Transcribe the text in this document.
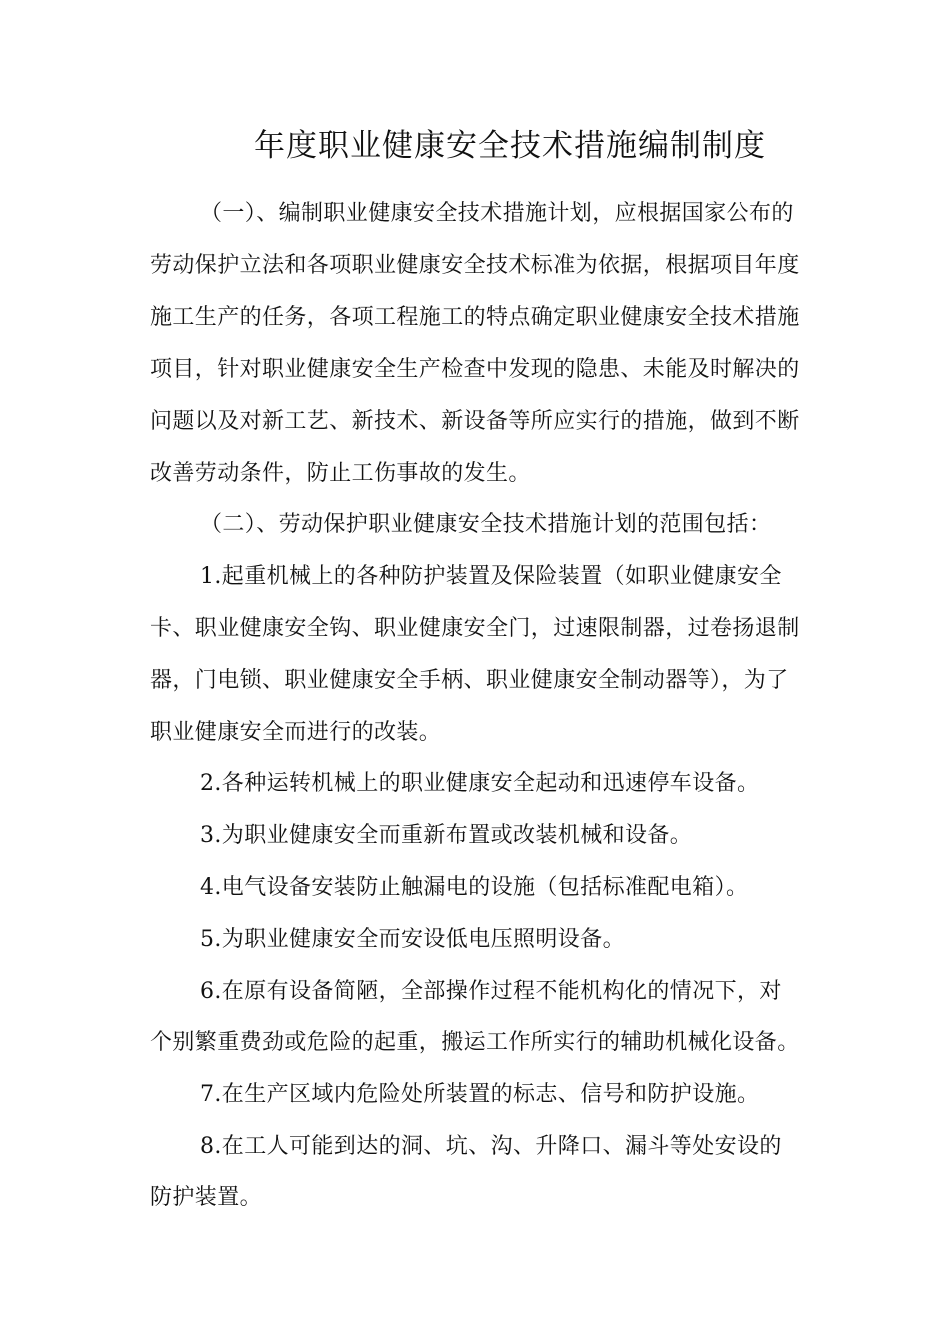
年度职业健康安全技术措施编制制度
（一）、编制职业健康安全技术措施计划，应根据国家公布的
劳动保护立法和各项职业健康安全技术标准为依据，根据项目年度
施工生产的任务，各项工程施工的特点确定职业健康安全技术措施
项目，针对职业健康安全生产检查中发现的隐患、未能及时解决的
问题以及对新工艺、新技术、新设备等所应实行的措施，做到不断
改善劳动条件，防止工伤事故的发生。
（二）、劳动保护职业健康安全技术措施计划的范围包括：
1.起重机械上的各种防护装置及保险装置（如职业健康安全
卡、职业健康安全钩、职业健康安全门，过速限制器，过卷扬退制
器，门电锁、职业健康安全手柄、职业健康安全制动器等），为了
职业健康安全而进行的改装。
2.各种运转机械上的职业健康安全起动和迅速停车设备。
3.为职业健康安全而重新布置或改装机械和设备。
4.电气设备安装防止触漏电的设施（包括标准配电箱）。
5.为职业健康安全而安设低电压照明设备。
6.在原有设备简陋，全部操作过程不能机构化的情况下，对
个别繁重费劲或危险的起重，搬运工作所实行的辅助机械化设备。
7.在生产区域内危险处所装置的标志、信号和防护设施。
8.在工人可能到达的洞、坑、沟、升降口、漏斗等处安设的
防护装置。
